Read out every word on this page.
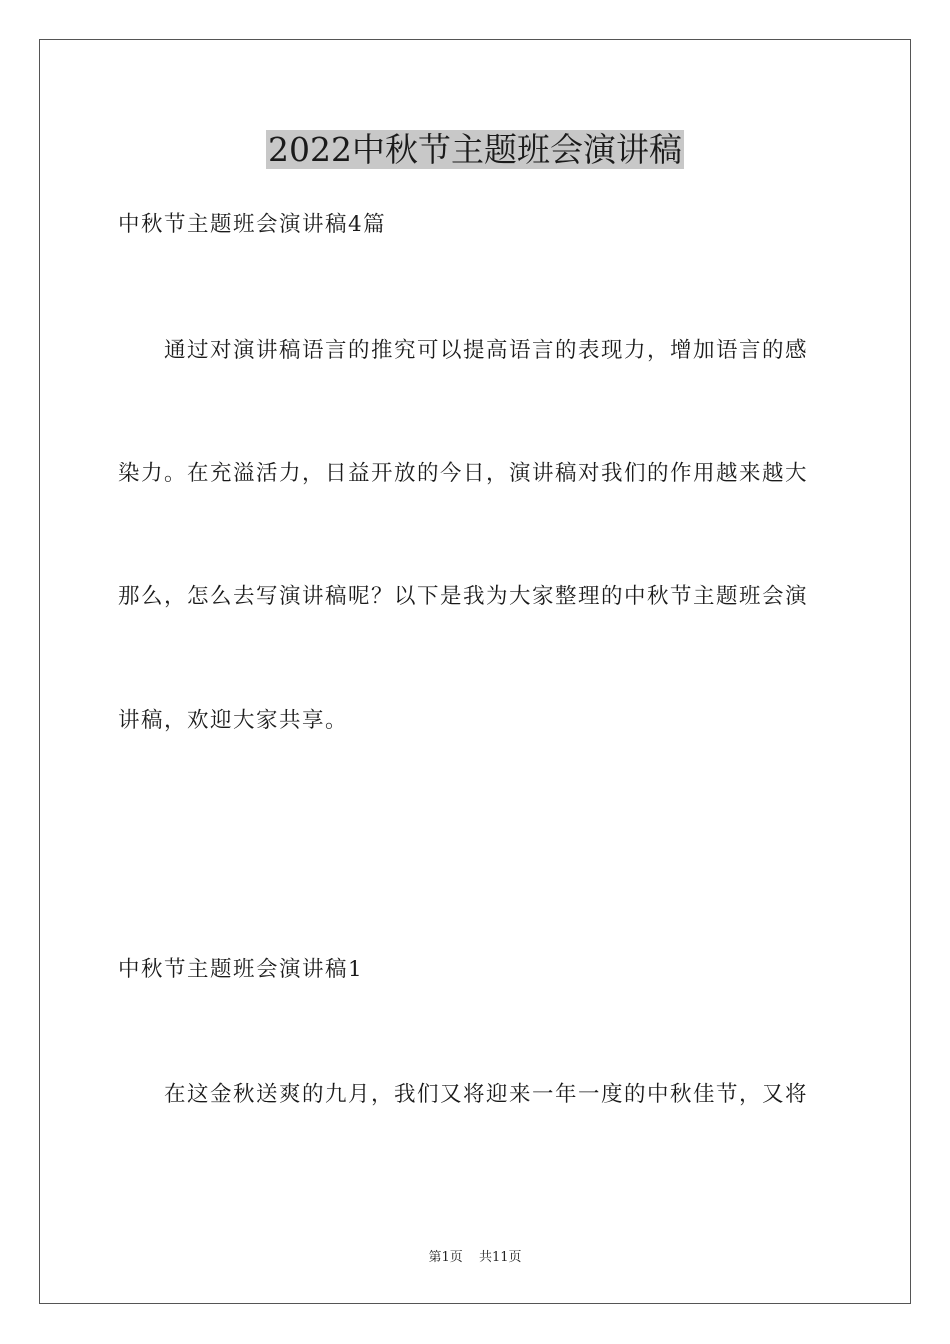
2022中秋节主题班会演讲稿
中秋节主题班会演讲稿4篇
通过对演讲稿语言的推究可以提高语言的表现力，增加语言的感
染力。在充溢活力，日益开放的今日，演讲稿对我们的作用越来越大
那么，怎么去写演讲稿呢？以下是我为大家整理的中秋节主题班会演
讲稿，欢迎大家共享。
中秋节主题班会演讲稿1
在这金秋送爽的九月，我们又将迎来一年一度的中秋佳节，又将
第1页 共11页
